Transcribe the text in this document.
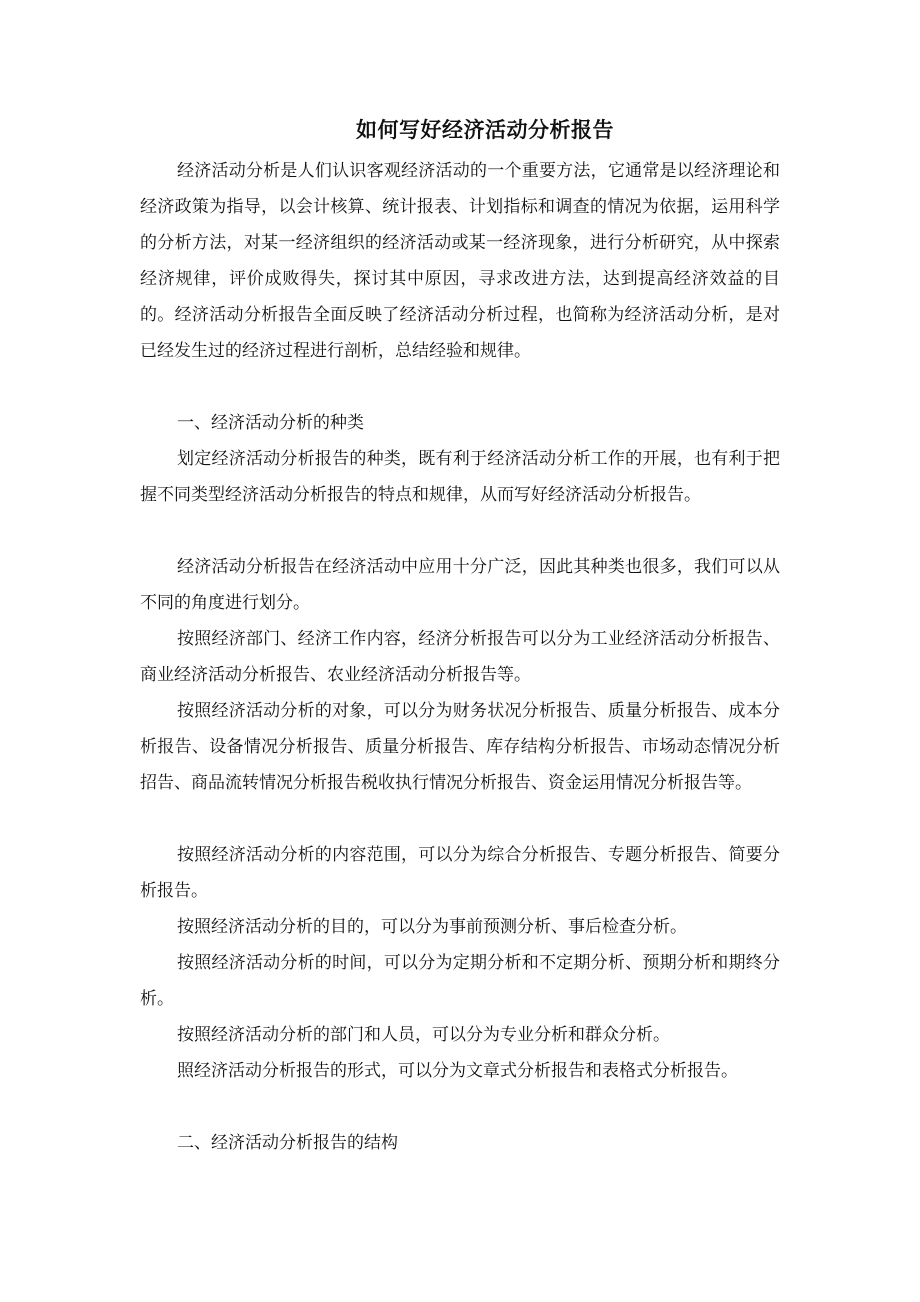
如何写好经济活动分析报告

经济活动分析是人们认识客观经济活动的一个重要方法，它通常是以经济理论和经济政策为指导，以会计核算、统计报表、计划指标和调查的情况为依据，运用科学的分析方法，对某一经济组织的经济活动或某一经济现象，进行分析研究，从中探索经济规律，评价成败得失，探讨其中原因，寻求改进方法，达到提高经济效益的目的。经济活动分析报告全面反映了经济活动分析过程，也简称为经济活动分析，是对已经发生过的经济过程进行剖析，总结经验和规律。

一、经济活动分析的种类

划定经济活动分析报告的种类，既有利于经济活动分析工作的开展，也有利于把握不同类型经济活动分析报告的特点和规律，从而写好经济活动分析报告。

经济活动分析报告在经济活动中应用十分广泛，因此其种类也很多，我们可以从不同的角度进行划分。

按照经济部门、经济工作内容，经济分析报告可以分为工业经济活动分析报告、商业经济活动分析报告、农业经济活动分析报告等。

按照经济活动分析的对象，可以分为财务状况分析报告、质量分析报告、成本分析报告、设备情况分析报告、质量分析报告、库存结构分析报告、市场动态情况分析招告、商品流转情况分析报告税收执行情况分析报告、资金运用情况分析报告等。

按照经济活动分析的内容范围，可以分为综合分析报告、专题分析报告、简要分析报告。

按照经济活动分析的目的，可以分为事前预测分析、事后检查分析。

按照经济活动分析的时间，可以分为定期分析和不定期分析、预期分析和期终分析。

按照经济活动分析的部门和人员，可以分为专业分析和群众分析。

照经济活动分析报告的形式，可以分为文章式分析报告和表格式分析报告。

二、经济活动分析报告的结构
